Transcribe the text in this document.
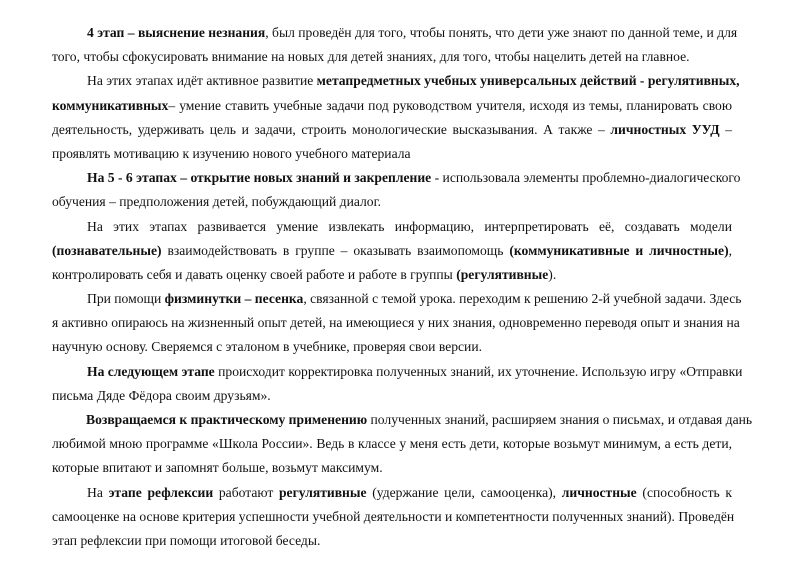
4 этап – выяснение незнания, был проведён для того, чтобы понять, что дети уже знают по данной теме, и для
того, чтобы сфокусировать внимание на новых для детей знаниях, для того, чтобы нацелить детей на главное.
На этих этапах идёт активное развитие метапредметных учебных универсальных действий - регулятивных,
коммуникативных– умение ставить учебные задачи под руководством учителя, исходя из темы, планировать свою
деятельность, удерживать цель и задачи, строить монологические высказывания. А также – личностных УУД –
проявлять мотивацию к изучению нового учебного материала
На 5 - 6 этапах – открытие новых знаний и закрепление - использовала элементы проблемно-диалогического
обучения – предположения детей, побуждающий диалог.
На этих этапах развивается умение извлекать информацию, интерпретировать её, создавать модели
(познавательные) взаимодействовать в группе – оказывать взаимопомощь (коммуникативные и личностные),
контролировать себя и давать оценку своей работе и работе в группы (регулятивные).
При помощи физминутки – песенка, связанной с темой урока. переходим к решению 2-й учебной задачи. Здесь
я активно опираюсь на жизненный опыт детей, на имеющиеся у них знания, одновременно переводя опыт и знания на
научную основу. Сверяемся с эталоном в учебнике, проверяя свои версии.
На следующем этапе происходит корректировка полученных знаний, их уточнение. Использую игру «Отправки
письма Дяде Фёдора своим друзьям».
Возвращаемся к практическому применению полученных знаний, расширяем знания о письмах, и отдавая дань
любимой мною программе «Школа России». Ведь в классе у меня есть дети, которые возьмут минимум, а есть дети,
которые впитают и запомнят больше, возьмут максимум.
На этапе рефлексии работают регулятивные (удержание цели, самооценка), личностные (способность к
самооценке на основе критерия успешности учебной деятельности и компетентности полученных знаний). Проведён
этап рефлексии при помощи итоговой беседы.
